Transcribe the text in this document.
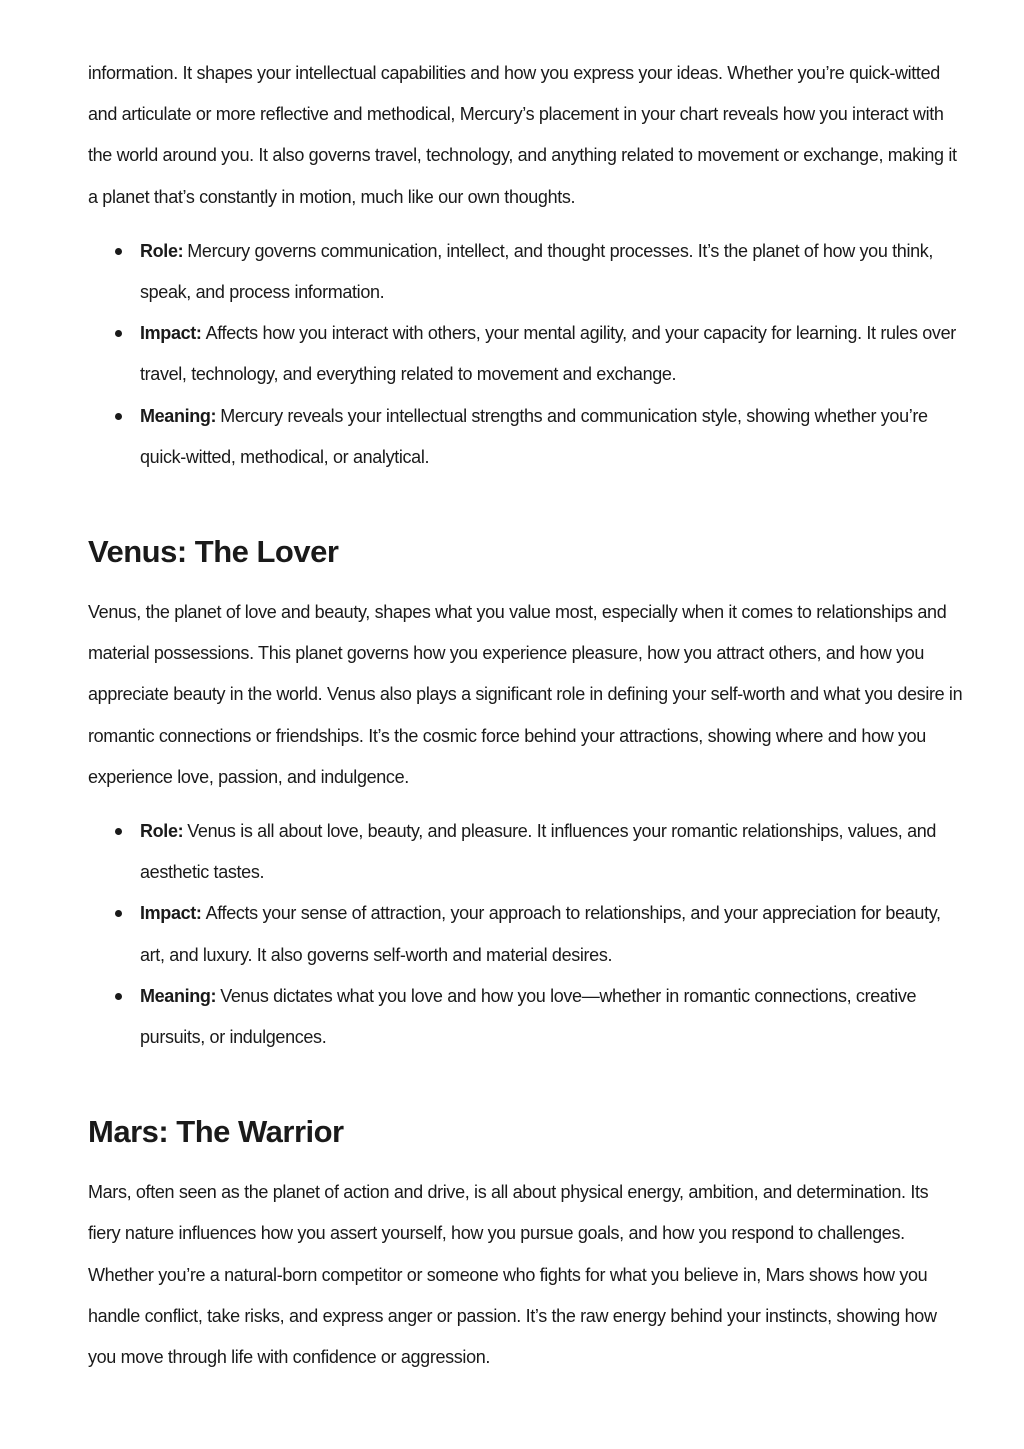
information. It shapes your intellectual capabilities and how you express your ideas. Whether you’re quick-witted and articulate or more reflective and methodical, Mercury’s placement in your chart reveals how you interact with the world around you. It also governs travel, technology, and anything related to movement or exchange, making it a planet that’s constantly in motion, much like our own thoughts.

Role: Mercury governs communication, intellect, and thought processes. It’s the planet of how you think, speak, and process information.
Impact: Affects how you interact with others, your mental agility, and your capacity for learning. It rules over travel, technology, and everything related to movement and exchange.
Meaning: Mercury reveals your intellectual strengths and communication style, showing whether you’re quick-witted, methodical, or analytical.
Venus: The Lover

Venus, the planet of love and beauty, shapes what you value most, especially when it comes to relationships and material possessions. This planet governs how you experience pleasure, how you attract others, and how you appreciate beauty in the world. Venus also plays a significant role in defining your self-worth and what you desire in romantic connections or friendships. It’s the cosmic force behind your attractions, showing where and how you experience love, passion, and indulgence.

Role: Venus is all about love, beauty, and pleasure. It influences your romantic relationships, values, and aesthetic tastes.
Impact: Affects your sense of attraction, your approach to relationships, and your appreciation for beauty, art, and luxury. It also governs self-worth and material desires.
Meaning: Venus dictates what you love and how you love—whether in romantic connections, creative pursuits, or indulgences.
Mars: The Warrior

Mars, often seen as the planet of action and drive, is all about physical energy, ambition, and determination. Its fiery nature influences how you assert yourself, how you pursue goals, and how you respond to challenges. Whether you’re a natural-born competitor or someone who fights for what you believe in, Mars shows how you handle conflict, take risks, and express anger or passion. It’s the raw energy behind your instincts, showing how you move through life with confidence or aggression.
